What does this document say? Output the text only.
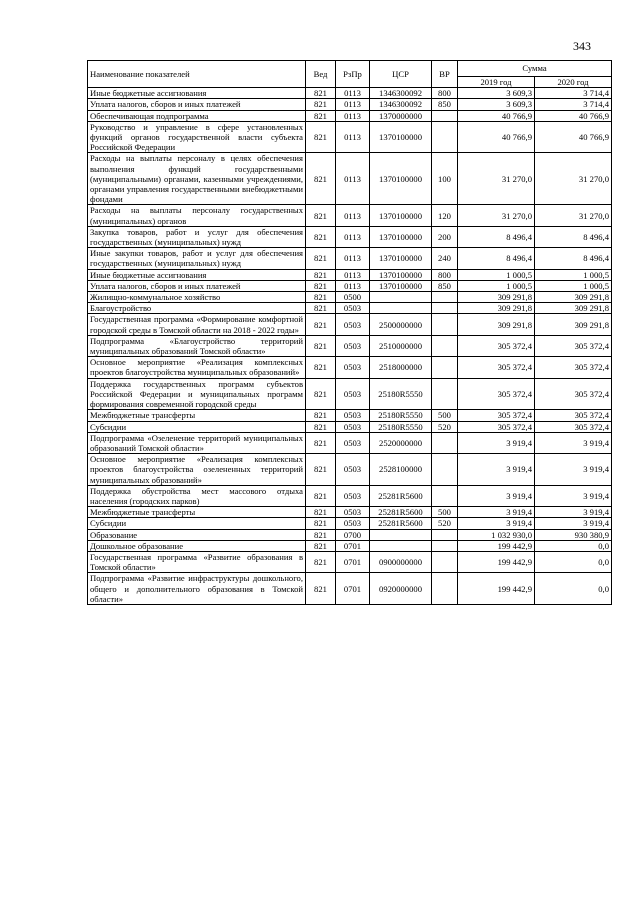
343
Наименование показателей	Вед	РзПр	ЦСР	ВР	Сумма	
					2019 год	2020 год
Иные бюджетные ассигнования	821	0113	1346300092	800	3 609,3	3 714,4
Уплата налогов, сборов и иных платежей	821	0113	1346300092	850	3 609,3	3 714,4
Обеспечивающая подпрограмма	821	0113	1370000000		40 766,9	40 766,9
Руководство и управление в сфере установленных функций органов государственной власти субъекта Российской Федерации	821	0113	1370100000		40 766,9	40 766,9
Расходы на выплаты персоналу в целях обеспечения выполнения функций государственными (муниципальными) органами, казенными учреждениями, органами управления государственными внебюджетными фондами	821	0113	1370100000	100	31 270,0	31 270,0
Расходы на выплаты персоналу государственных (муниципальных) органов	821	0113	1370100000	120	31 270,0	31 270,0
Закупка товаров, работ и услуг для обеспечения государственных (муниципальных) нужд	821	0113	1370100000	200	8 496,4	8 496,4
Иные закупки товаров, работ и услуг для обеспечения государственных (муниципальных) нужд	821	0113	1370100000	240	8 496,4	8 496,4
Иные бюджетные ассигнования	821	0113	1370100000	800	1 000,5	1 000,5
Уплата налогов, сборов и иных платежей	821	0113	1370100000	850	1 000,5	1 000,5
Жилищно-коммунальное хозяйство	821	0500			309 291,8	309 291,8
Благоустройство	821	0503			309 291,8	309 291,8
Государственная программа «Формирование комфортной городской среды в Томской области на 2018 - 2022 годы»	821	0503	2500000000		309 291,8	309 291,8
Подпрограмма «Благоустройство территорий муниципальных образований Томской области»	821	0503	2510000000		305 372,4	305 372,4
Основное мероприятие «Реализация комплексных проектов благоустройства муниципальных образований»	821	0503	2518000000		305 372,4	305 372,4
Поддержка государственных программ субъектов Российской Федерации и муниципальных программ формирования современной городской среды	821	0503	25180R5550		305 372,4	305 372,4
Межбюджетные трансферты	821	0503	25180R5550	500	305 372,4	305 372,4
Субсидии	821	0503	25180R5550	520	305 372,4	305 372,4
Подпрограмма «Озеленение территорий муниципальных образований Томской области»	821	0503	2520000000		3 919,4	3 919,4
Основное мероприятие «Реализация комплексных проектов благоустройства озелененных территорий муниципальных образований»	821	0503	2528100000		3 919,4	3 919,4
Поддержка обустройства мест массового отдыха населения (городских парков)	821	0503	25281R5600		3 919,4	3 919,4
Межбюджетные трансферты	821	0503	25281R5600	500	3 919,4	3 919,4
Субсидии	821	0503	25281R5600	520	3 919,4	3 919,4
Образование	821	0700			1 032 930,0	930 380,9
Дошкольное образование	821	0701			199 442,9	0,0
Государственная программа «Развитие образования в Томской области»	821	0701	0900000000		199 442,9	0,0
Подпрограмма «Развитие инфраструктуры дошкольного, общего и дополнительного образования в Томской области»	821	0701	0920000000		199 442,9	0,0
